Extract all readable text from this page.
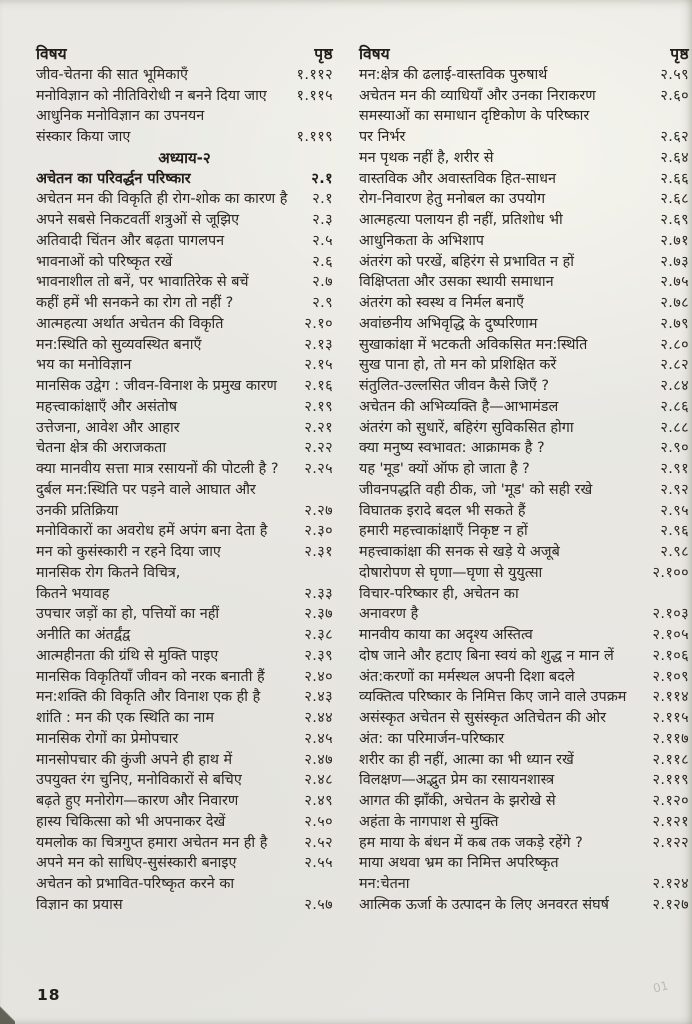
विषय	पृष्ठ
जीव-चेतना की सात भूमिकाएँ	१.११२
मनोविज्ञान को नीतिविरोधी न बनने दिया जाए १.११५
आधुनिक मनोविज्ञान का उपनयन
संस्कार किया जाए	१.११९
अध्याय-२
अचेतन का परिवर्द्धन परिष्कार	२.१
अचेतन मन की विकृति ही रोग-शोक का कारण है २.१
अपने सबसे निकटवर्ती शत्रुओं से जूझिए	२.३
अतिवादी चिंतन और बढ़ता पागलपन	२.५
भावनाओं को परिष्कृत रखें	२.६
भावनाशील तो बनें, पर भावातिरेक से बचें	२.७
कहीं हमें भी सनकने का रोग तो नहीं ?	२.९
आत्महत्या अर्थात अचेतन की विकृति	२.१०
मन:स्थिति को सुव्यवस्थित बनाएँ	२.१३
भय का मनोविज्ञान	२.१५
मानसिक उद्वेग : जीवन-विनाश के प्रमुख कारण २.१६
महत्त्वाकांक्षाएँ और असंतोष	२.१९
उत्तेजना, आवेश और आहार	२.२१
चेतना क्षेत्र की अराजकता	२.२२
क्या मानवीय सत्ता मात्र रसायनों की पोटली है ? २.२५
दुर्बल मन:स्थिति पर पड़ने वाले आघात और
उनकी प्रतिक्रिया	२.२७
मनोविकारों का अवरोध हमें अपंग बना देता है	२.३०
मन को कुसंस्कारी न रहने दिया जाए	२.३१
मानसिक रोग कितने विचित्र,
कितने भयावह	२.३३
उपचार जड़ों का हो, पत्तियों का नहीं	२.३७
अनीति का अंतर्द्वंद्व	२.३८
आत्महीनता की ग्रंथि से मुक्ति पाइए	२.३९
मानसिक विकृतियाँ जीवन को नरक बनाती हैं	२.४०
मन:शक्ति की विकृति और विनाश एक ही है	२.४३
शांति : मन की एक स्थिति का नाम	२.४४
मानसिक रोगों का प्रेमोपचार	२.४५
मानसोपचार की कुंजी अपने ही हाथ में	२.४७
उपयुक्त रंग चुनिए, मनोविकारों से बचिए	२.४८
बढ़ते हुए मनोरोग—कारण और निवारण	२.४९
हास्य चिकित्सा को भी अपनाकर देखें	२.५०
यमलोक का चित्रगुप्त हमारा अचेतन मन ही है	२.५२
अपने मन को साधिए-सुसंस्कारी बनाइए	२.५५
अचेतन को प्रभावित-परिष्कृत करने का
विज्ञान का प्रयास	२.५७
विषय	पृष्ठ
मन:क्षेत्र की ढलाई-वास्तविक पुरुषार्थ	२.५९
अचेतन मन की व्याधियाँ और उनका निराकरण	२.६०
समस्याओं का समाधान दृष्टिकोण के परिष्कार
पर निर्भर	२.६२
मन पृथक नहीं है, शरीर से	२.६४
वास्तविक और अवास्तविक हित-साधन	२.६६
रोग-निवारण हेतु मनोबल का उपयोग	२.६८
आत्महत्या पलायन ही नहीं, प्रतिशोध भी	२.६९
आधुनिकता के अभिशाप	२.७१
अंतरंग को परखें, बहिरंग से प्रभावित न हों	२.७३
विक्षिप्तता और उसका स्थायी समाधान	२.७५
अंतरंग को स्वस्थ व निर्मल बनाएँ	२.७८
अवांछनीय अभिवृद्धि के दुष्परिणाम	२.७९
सुखाकांक्षा में भटकती अविकसित मन:स्थिति	२.८०
सुख पाना हो, तो मन को प्रशिक्षित करें	२.८२
संतुलित-उल्लसित जीवन कैसे जिएँ ?	२.८४
अचेतन की अभिव्यक्ति है—आभामंडल	२.८६
अंतरंग को सुधारें, बहिरंग सुविकसित होगा	२.८८
क्या मनुष्य स्वभावत: आक्रामक है ?	२.९०
यह 'मूड' क्यों ऑफ हो जाता है ?	२.९१
जीवनपद्धति वही ठीक, जो 'मूड' को सही रखे	२.९२
विघातक इरादे बदल भी सकते हैं	२.९५
हमारी महत्त्वाकांक्षाएँ निकृष्ट न हों	२.९६
महत्त्वाकांक्षा की सनक से खड़े ये अजूबे	२.९८
दोषारोपण से घृणा—घृणा से युयुत्सा	२.१००
विचार-परिष्कार ही, अचेतन का
अनावरण है	२.१०३
मानवीय काया का अदृश्य अस्तित्व	२.१०५
दोष जाने और हटाए बिना स्वयं को शुद्ध न मान लें	२.१०६
अंत:करणों का मर्मस्थल अपनी दिशा बदले	२.१०९
व्यक्तित्व परिष्कार के निमित्त किए जाने वाले उपक्रम २.११४
असंस्कृत अचेतन से सुसंस्कृत अतिचेतन की ओर	२.११५
अंत: का परिमार्जन-परिष्कार	२.११७
शरीर का ही नहीं, आत्मा का भी ध्यान रखें	२.११८
विलक्षण—अद्भुत प्रेम का रसायनशास्त्र	२.११९
आगत की झाँकी, अचेतन के झरोखे से	२.१२०
अहंता के नागपाश से मुक्ति	२.१२१
हम माया के बंधन में कब तक जकड़े रहेंगे ?	२.१२२
माया अथवा भ्रम का निमित्त अपरिष्कृत
मन:चेतना	२.१२४
आत्मिक ऊर्जा के उत्पादन के लिए अनवरत संघर्ष	२.१२७
18	01
